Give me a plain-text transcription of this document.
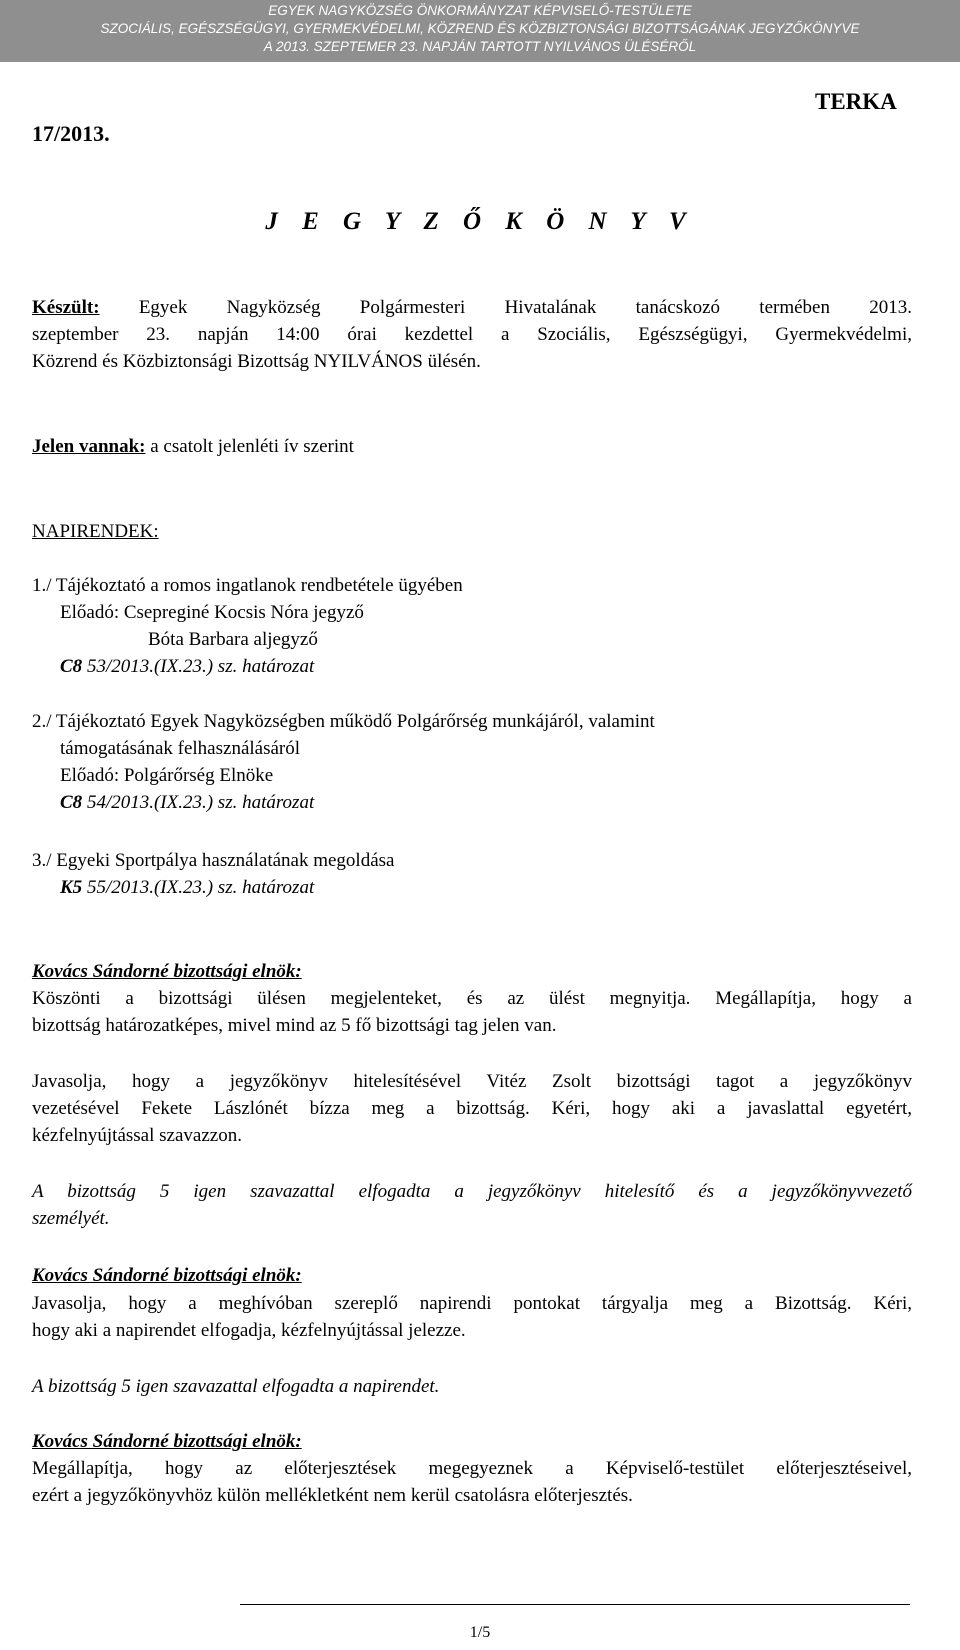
EGYEK NAGYKÖZSÉG ÖNKORMÁNYZAT KÉPVISELŐ-TESTÜLETE
SZOCIÁLIS, EGÉSZSÉGÜGYI, GYERMEKVÉDELMI, KÖZREND ÉS KÖZBIZTONSÁGI BIZOTTSÁGÁNAK JEGYZŐKÖNYVE
A 2013. SZEPTEMER 23. NAPJÁN TARTOTT NYILVÁNOS ÜLÉSÉRŐL
17/2013.
TERKA
J E G Y Z Ő K Ö N Y V
Készült: Egyek Nagyközség Polgármesteri Hivatalának tanácskozó termében 2013.
szeptember 23. napján 14:00 órai kezdettel a Szociális, Egészségügyi, Gyermekvédelmi,
Közrend és Közbiztonsági Bizottság NYILVÁNOS ülésén.
Jelen vannak: a csatolt jelenléti ív szerint
NAPIRENDEK:
1./ Tájékoztató a romos ingatlanok rendbetétele ügyében
Előadó: Csepreginé Kocsis Nóra jegyző
Bóta Barbara aljegyző
C8 53/2013.(IX.23.) sz. határozat
2./ Tájékoztató Egyek Nagyközségben működő Polgárőrség munkájáról, valamint
támogatásának felhasználásáról
Előadó: Polgárőrség Elnöke
C8 54/2013.(IX.23.) sz. határozat
3./ Egyeki Sportpálya használatának megoldása
K5 55/2013.(IX.23.) sz. határozat
Kovács Sándorné bizottsági elnök:
Köszönti a bizottsági ülésen megjelenteket, és az ülést megnyitja. Megállapítja, hogy a
bizottság határozatképes, mivel mind az 5 fő bizottsági tag jelen van.
Javasolja, hogy a jegyzőkönyv hitelesítésével Vitéz Zsolt bizottsági tagot a jegyzőkönyv
vezetésével Fekete Lászlónét bízza meg a bizottság. Kéri, hogy aki a javaslattal egyetért,
kézfelnyújtással szavazzon.
A bizottság 5 igen szavazattal elfogadta a jegyzőkönyv hitelesítő és a jegyzőkönyvvezető
személyét.
Kovács Sándorné bizottsági elnök:
Javasolja, hogy a meghívóban szereplő napirendi pontokat tárgyalja meg a Bizottság. Kéri,
hogy aki a napirendet elfogadja, kézfelnyújtással jelezze.
A bizottság 5 igen szavazattal elfogadta a napirendet.
Kovács Sándorné bizottsági elnök:
Megállapítja, hogy az előterjesztések megegyeznek a Képviselő-testület előterjesztéseivel,
ezért a jegyzőkönyvhöz külön mellékletként nem kerül csatolásra előterjesztés.
1/5
